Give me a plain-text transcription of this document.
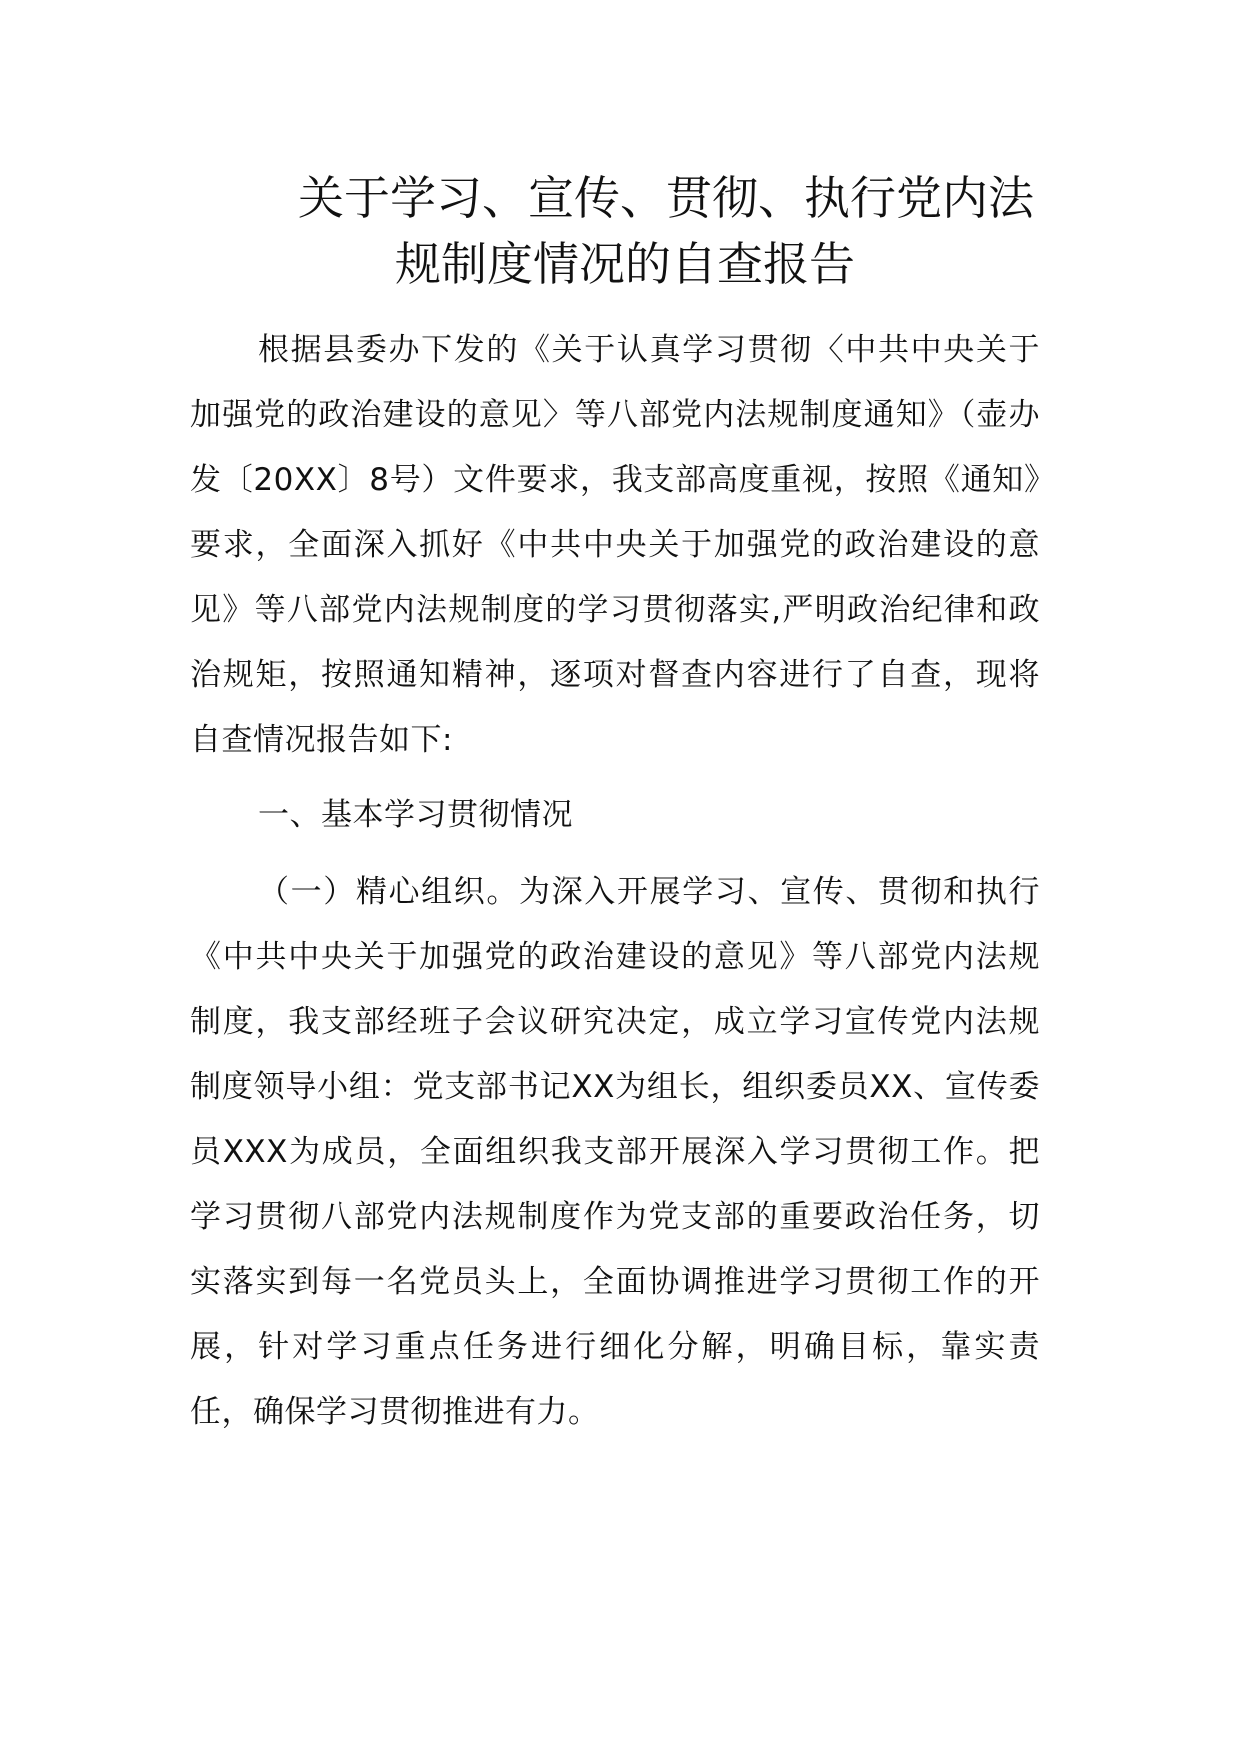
关于学习、宣传、贯彻、执行党内法
规制度情况的自查报告

根据县委办下发的《关于认真学习贯彻〈中共中央关于加强党的政治建设的意见〉等八部党内法规制度通知》（壶办发〔20XX〕8号）文件要求，我支部高度重视，按照《通知》要求，全面深入抓好《中共中央关于加强党的政治建设的意见》等八部党内法规制度的学习贯彻落实,严明政治纪律和政治规矩，按照通知精神，逐项对督查内容进行了自查，现将自查情况报告如下:

一、基本学习贯彻情况

（一）精心组织。为深入开展学习、宣传、贯彻和执行《中共中央关于加强党的政治建设的意见》等八部党内法规制度，我支部经班子会议研究决定，成立学习宣传党内法规制度领导小组：党支部书记XX为组长，组织委员XX、宣传委员XXX为成员，全面组织我支部开展深入学习贯彻工作。把学习贯彻八部党内法规制度作为党支部的重要政治任务，切实落实到每一名党员头上，全面协调推进学习贯彻工作的开展，针对学习重点任务进行细化分解，明确目标，靠实责任，确保学习贯彻推进有力。
